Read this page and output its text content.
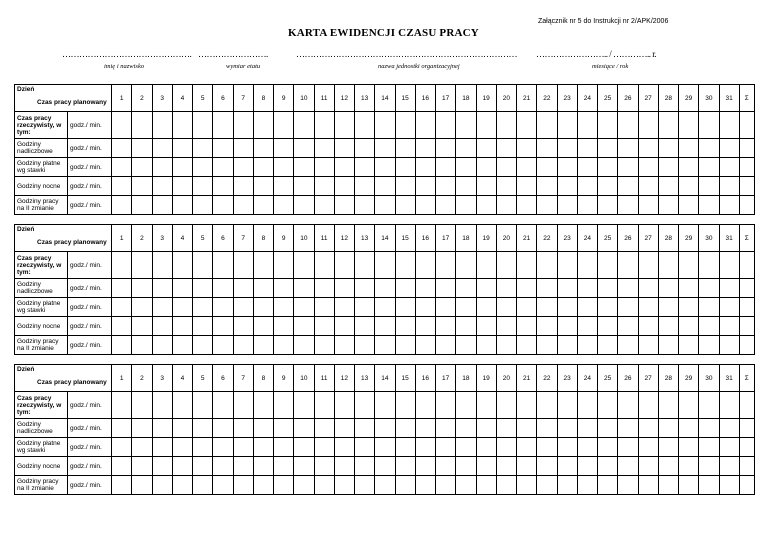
Załącznik nr 5 do Instrukcji nr 2/APK/2006
KARTA EWIDENCJI CZASU PRACY
……………………………………….
imię i nazwisko
…………………….
wymiar etatu
……………………………………………………………………
nazwa jednostki organizacyjnej
…………………….. / ………….. r.
miesiące / rok
Dzień		1	2	3	4	5	6	7	8	9	10	11	12	13	14	15	16	17	18	19	20	21	22	23	24	25	26	27	28	29	30	31	Σ
Czas pracy planowany																																	
Czas pracy rzeczywisty, w tym:	godz./ min.																																
Godziny nadliczbowe	godz./ min.																																
Godziny płatne wg stawki	godz./ min.																																
Godziny nocne	godz./ min.																																
Godziny pracy na II zmianie	godz./ min.																																
Dzień		1	2	3	4	5	6	7	8	9	10	11	12	13	14	15	16	17	18	19	20	21	22	23	24	25	26	27	28	29	30	31	Σ
Czas pracy planowany																																	
Czas pracy rzeczywisty, w tym:	godz./ min.																																
Godziny nadliczbowe	godz./ min.																																
Godziny płatne wg stawki	godz./ min.																																
Godziny nocne	godz./ min.																																
Godziny pracy na II zmianie	godz./ min.																																
Dzień		1	2	3	4	5	6	7	8	9	10	11	12	13	14	15	16	17	18	19	20	21	22	23	24	25	26	27	28	29	30	31	Σ
Czas pracy planowany																																	
Czas pracy rzeczywisty, w tym:	godz./ min.																																
Godziny nadliczbowe	godz./ min.																																
Godziny płatne wg stawki	godz./ min.																																
Godziny nocne	godz./ min.																																
Godziny pracy na II zmianie	godz./ min.																																
